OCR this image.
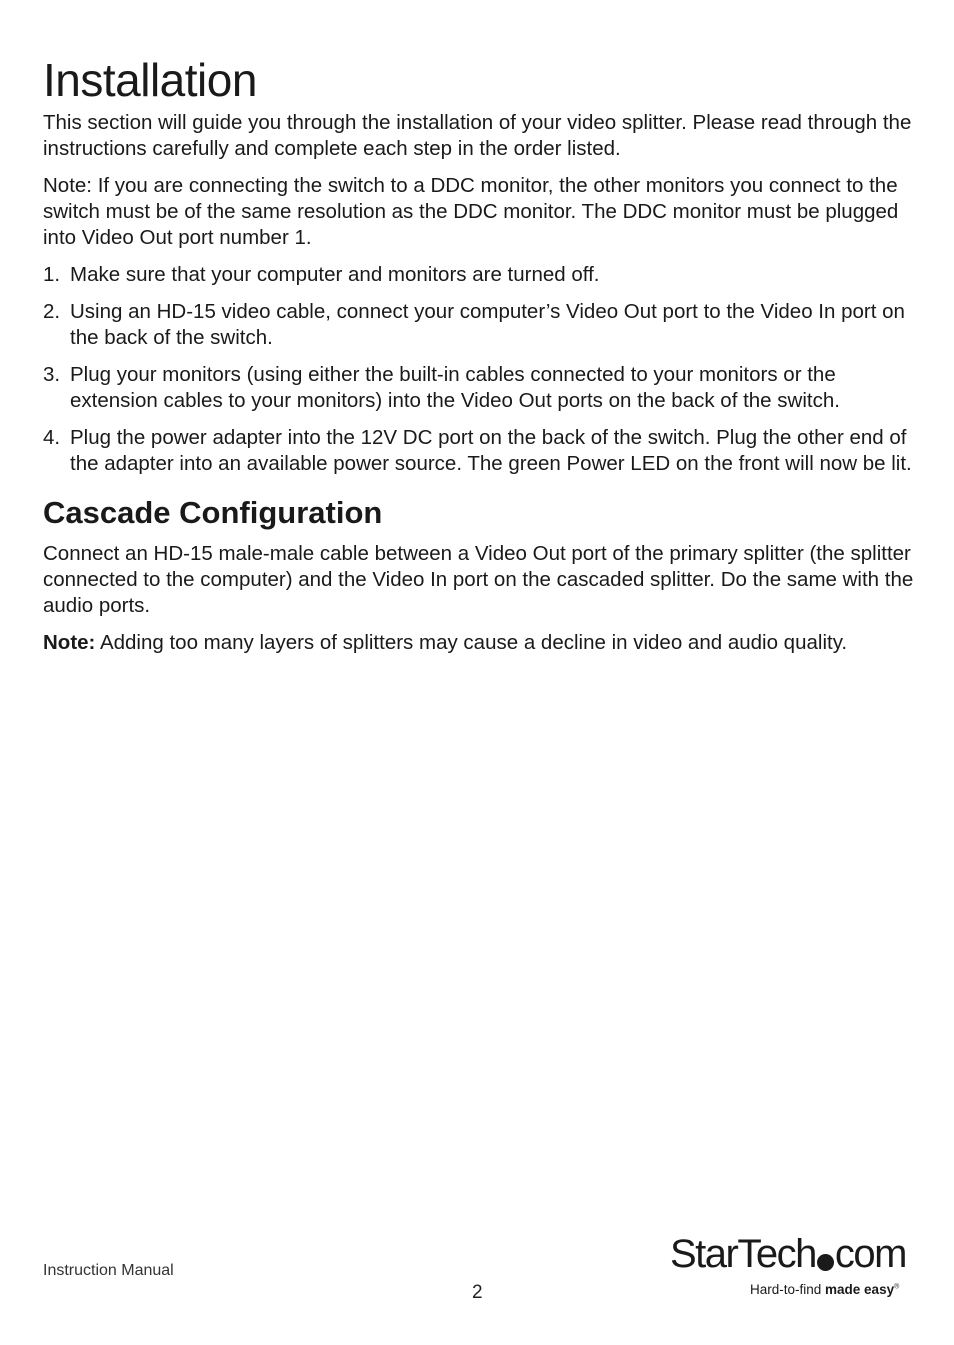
Installation

This section will guide you through the installation of your video splitter. Please read through the instructions carefully and complete each step in the order listed.

Note: If you are connecting the switch to a DDC monitor, the other monitors you connect to the switch must be of the same resolution as the DDC monitor. The DDC monitor must be plugged into Video Out port number 1.

1. Make sure that your computer and monitors are turned off.
2. Using an HD-15 video cable, connect your computer’s Video Out port to the Video In port on the back of the switch.
3. Plug your monitors (using either the built-in cables connected to your monitors or the extension cables to your monitors) into the Video Out ports on the back of the switch.
4. Plug the power adapter into the 12V DC port on the back of the switch. Plug the other end of the adapter into an available power source. The green Power LED on the front will now be lit.
Cascade Configuration

Connect an HD-15 male-male cable between a Video Out port of the primary splitter (the splitter connected to the computer) and the Video In port on the cascaded splitter. Do the same with the audio ports.

Note: Adding too many layers of splitters may cause a decline in video and audio quality.

Instruction Manual
2
StarTech com
Hard-to-find made easy®
